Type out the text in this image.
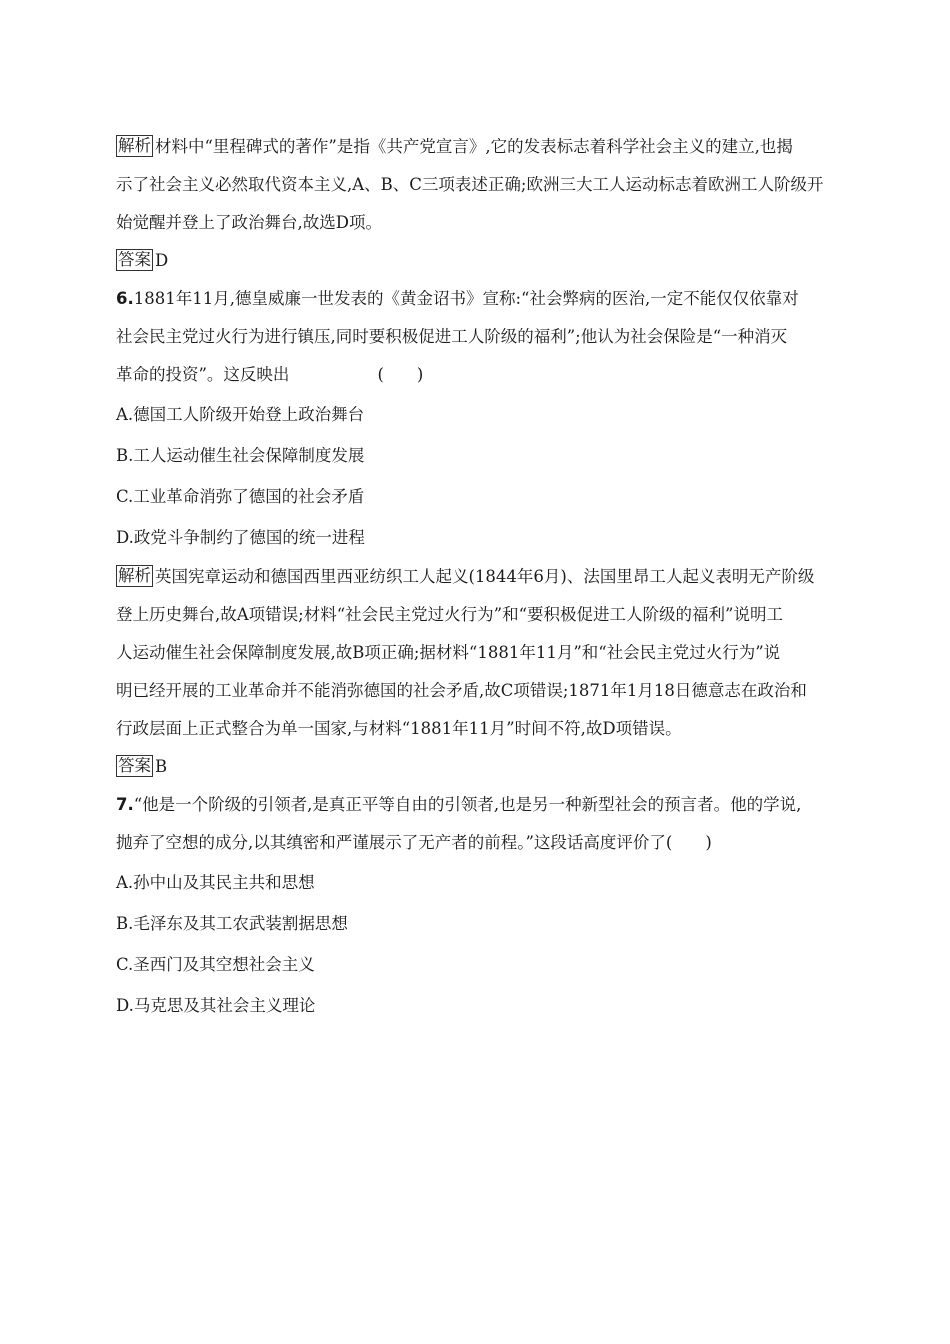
解析 材料中“里程碑式的著作”是指《共产党宣言》,它的发表标志着科学社会主义的建立,也揭

示了社会主义必然取代资本主义,A、B、C三项表述正确;欧洲三大工人运动标志着欧洲工人阶级开

始觉醒并登上了政治舞台,故选D项。

答案 D

6.1881年11月,德皇威廉一世发表的《黄金诏书》宣称:“社会弊病的医治,一定不能仅仅依靠对

社会民主党过火行为进行镇压,同时要积极促进工人阶级的福利”;他认为社会保险是“一种消灭

革命的投资”。这反映出	(　　)

A.德国工人阶级开始登上政治舞台

B.工人运动催生社会保障制度发展

C.工业革命消弥了德国的社会矛盾

D.政党斗争制约了德国的统一进程

解析 英国宪章运动和德国西里西亚纺织工人起义(1844年6月)、法国里昂工人起义表明无产阶级

登上历史舞台,故A项错误;材料“社会民主党过火行为”和“要积极促进工人阶级的福利”说明工

人运动催生社会保障制度发展,故B项正确;据材料“1881年11月”和“社会民主党过火行为”说

明已经开展的工业革命并不能消弥德国的社会矛盾,故C项错误;1871年1月18日德意志在政治和

行政层面上正式整合为单一国家,与材料“1881年11月”时间不符,故D项错误。

答案 B

7.“他是一个阶级的引领者,是真正平等自由的引领者,也是另一种新型社会的预言者。他的学说,

抛弃了空想的成分,以其缜密和严谨展示了无产者的前程。”这段话高度评价了(　　)

A.孙中山及其民主共和思想

B.毛泽东及其工农武装割据思想

C.圣西门及其空想社会主义

D.马克思及其社会主义理论
